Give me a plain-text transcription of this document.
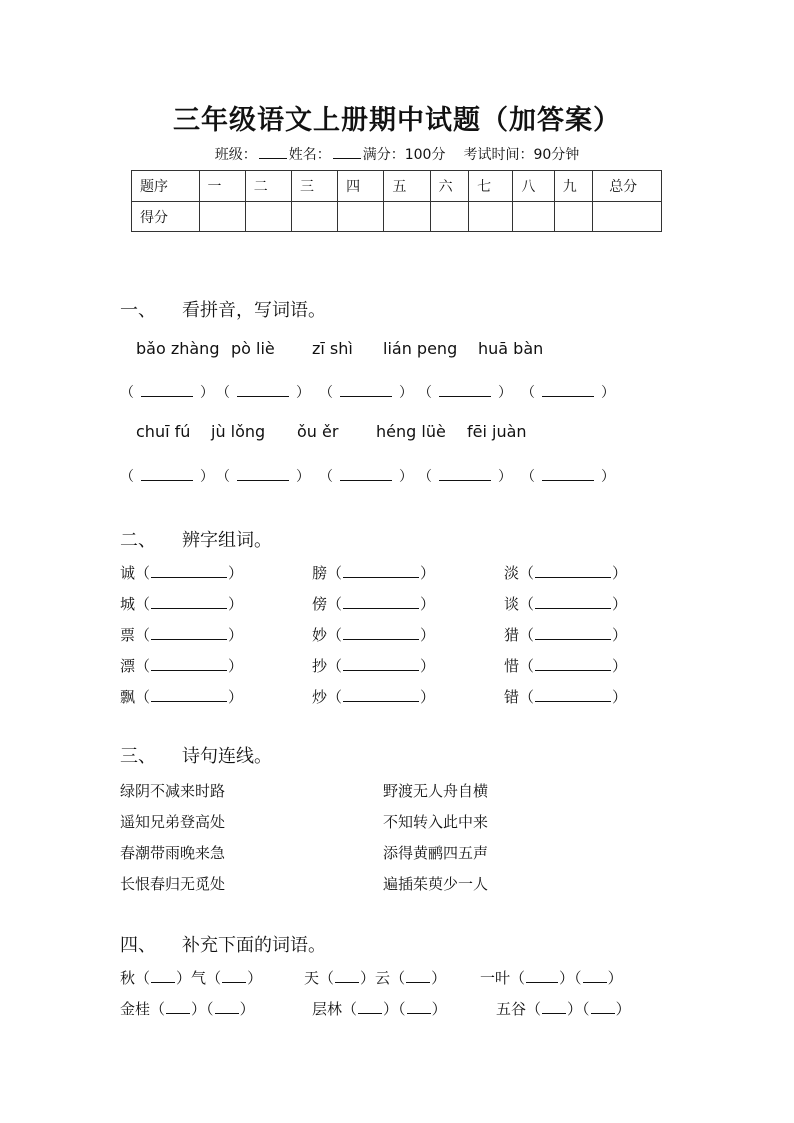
三年级语文上册期中试题（加答案）
班级： 姓名： 满分：100分 考试时间：90分钟
题序	一	二	三	四	五	六	七	八	九	总分
得分										
一、 看拼音，写词语。
bǎo zhàng pò liè zī shì lián peng huā bàn
（	） （	） （	） （	） （	）
chuī fú jù lǒng ǒu ěr héng lüè fēi juàn
（	） （	） （	） （	） （	）
二、 辨字组词。
诚（	）	膀（	）	淡（	）
城（	）	傍（	）	谈（	）
票（	）	妙（	）	猎（	）
漂（	）	抄（	）	惜（	）
飘（	）	炒（	）	错（	）
三、 诗句连线。
绿阴不减来时路
遥知兄弟登高处
春潮带雨晚来急
长恨春归无觅处
野渡无人舟自横
不知转入此中来
添得黄鹂四五声
遍插茱萸少一人
四、 补充下面的词语。
秋（ ）气（ ）	天（ ）云（ ） 一叶（ ）（ ）
金桂（ ）（ ）	层林（ ）（ ）	五谷（ ）（ ）
